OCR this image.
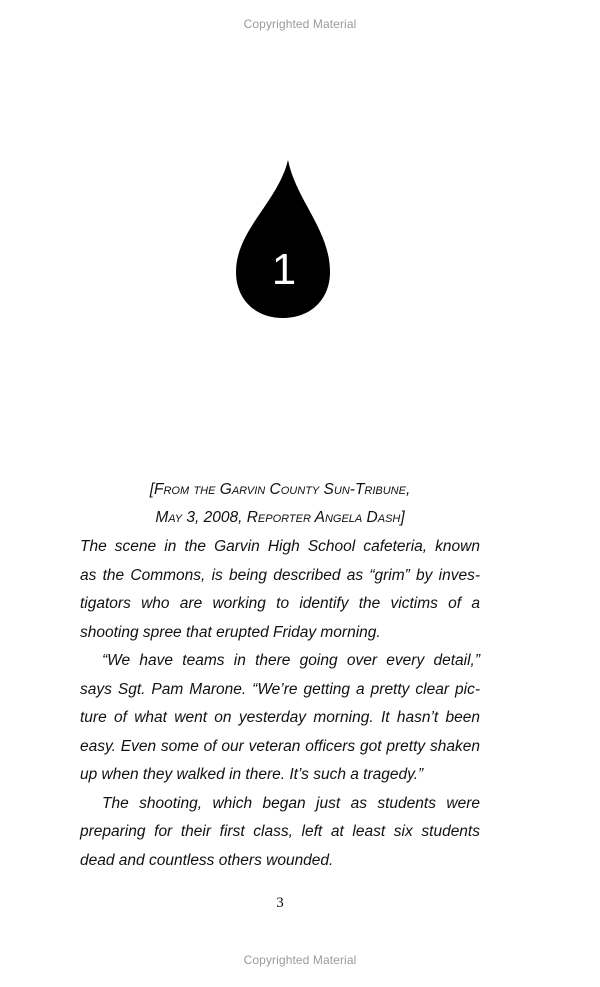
Copyrighted Material
1
[From the Garvin County Sun-Tribune,
May 3, 2008, Reporter Angela Dash]
The scene in the Garvin High School cafeteria, known
as the Commons, is being described as “grim” by inves-
tigators who are working to identify the victims of a
shooting spree that erupted Friday morning.
“We have teams in there going over every detail,”
says Sgt. Pam Marone. “We’re getting a pretty clear pic-
ture of what went on yesterday morning. It hasn’t been
easy. Even some of our veteran officers got pretty shaken
up when they walked in there. It’s such a tragedy.”
The shooting, which began just as students were
preparing for their first class, left at least six students
dead and countless others wounded.
3
Copyrighted Material
